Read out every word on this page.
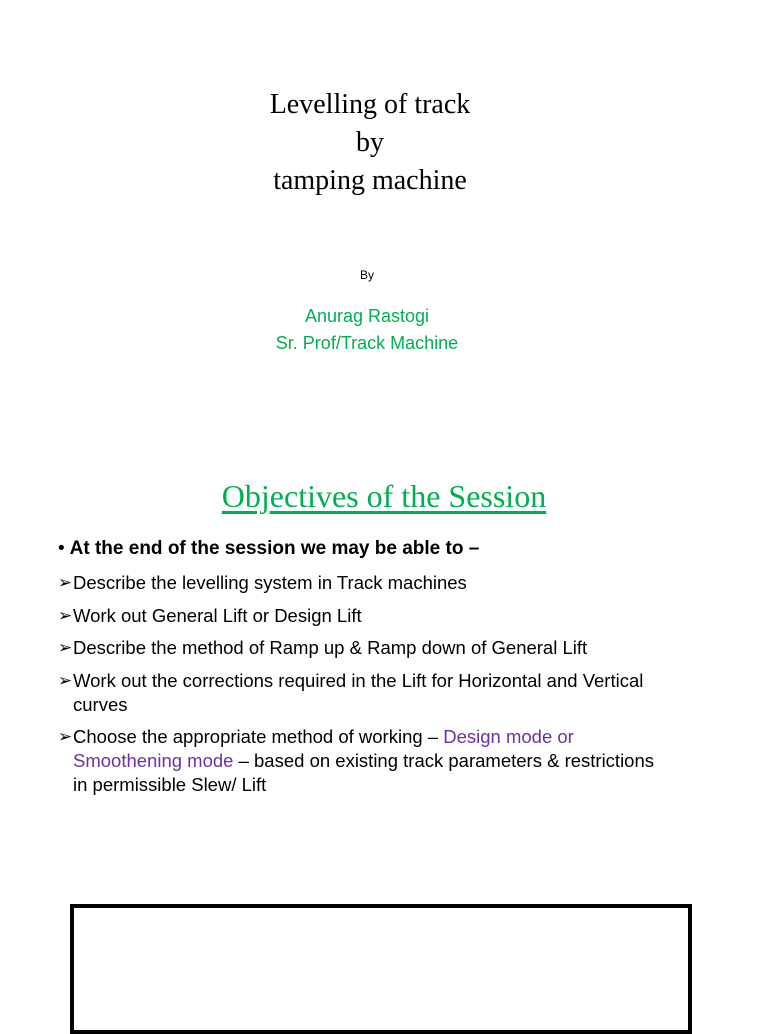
Levelling of track
by
tamping machine
By
Anurag Rastogi
Sr. Prof/Track Machine
Objectives of the Session
• At the end of the session we may be able to –
➢ Describe the levelling system in Track machines
➢ Work out General Lift or Design Lift
➢ Describe the method of Ramp up & Ramp down of General Lift
➢ Work out the corrections required in the Lift for Horizontal and Vertical curves
➢ Choose the appropriate method of working – Design mode or Smoothening mode – based on existing track parameters & restrictions in permissible Slew/ Lift
